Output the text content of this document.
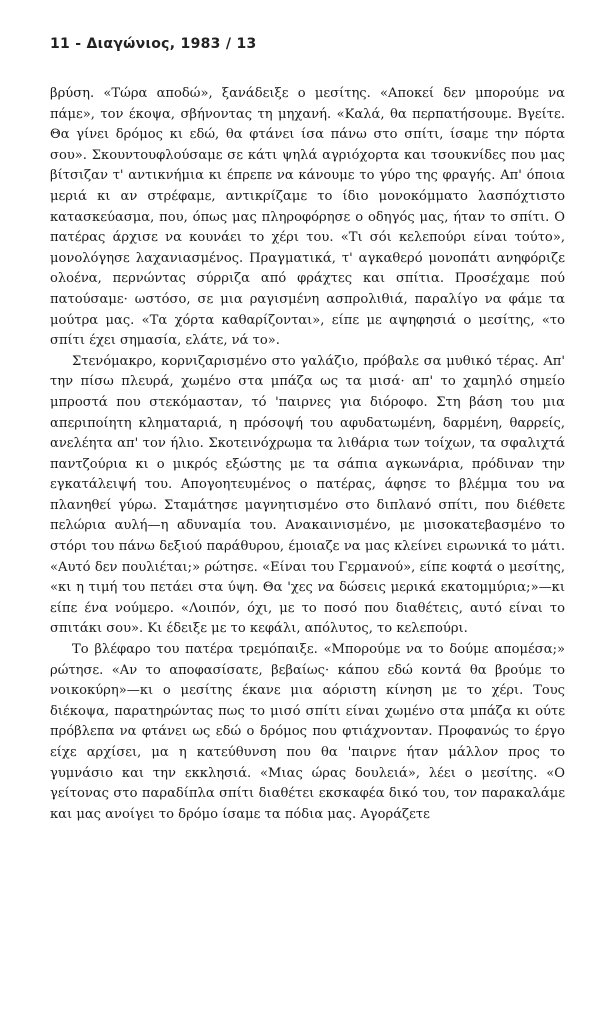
11 - Διαγώνιος, 1983 / 13

βρύση. «Τώρα αποδώ», ξανάδειξε ο μεσίτης. «Αποκεί δεν μπορούμε να πάμε», τον έκοψα, σβήνοντας τη μηχανή. «Καλά, θα περπατήσουμε. Βγείτε. Θα γίνει δρόμος κι εδώ, θα φτάνει ίσα πάνω στο σπίτι, ίσαμε την πόρτα σου». Σκουντουφλούσαμε σε κάτι ψηλά αγριόχορτα και τσουκνίδες που μας βίτσιζαν τ' αντικνήμια κι έπρεπε να κάνουμε το γύρο της φραγής. Απ' όποια μεριά κι αν στρέφαμε, αντικρίζαμε το ίδιο μονοκόμματο λασπόχτιστο κατασκεύασμα, που, όπως μας πληροφόρησε ο οδηγός μας, ήταν το σπίτι. Ο πατέρας άρχισε να κουνάει το χέρι του. «Τι σόι κελεπούρι είναι τούτο», μονολόγησε λαχανιασμένος. Πραγματικά, τ' αγκαθερό μονοπάτι ανηφόριζε ολοένα, περνώντας σύρριζα από φράχτες και σπίτια. Προσέχαμε πού πατούσαμε· ωστόσο, σε μια ραγισμένη ασπρολιθιά, παραλίγο να φάμε τα μούτρα μας. «Τα χόρτα καθαρίζονται», είπε με αψηφησιά ο μεσίτης, «το σπίτι έχει σημασία, ελάτε, νά το».

Στενόμακρο, κορνιζαρισμένο στο γαλάζιο, πρόβαλε σα μυθικό τέρας. Απ' την πίσω πλευρά, χωμένο στα μπάζα ως τα μισά· απ' το χαμηλό σημείο μπροστά που στεκόμασταν, τό 'παιρνες για διόροφο. Στη βάση του μια απεριποίητη κληματαριά, η πρόσοψή του αφυδατωμένη, δαρμένη, θαρρείς, ανελέητα απ' τον ήλιο. Σκοτεινόχρωμα τα λιθάρια των τοίχων, τα σφαλιχτά παντζούρια κι ο μικρός εξώστης με τα σάπια αγκωνάρια, πρόδιναν την εγκατάλειψή του. Απογοητευμένος ο πατέρας, άφησε το βλέμμα του να πλανηθεί γύρω. Σταμάτησε μαγνητισμένο στο διπλανό σπίτι, που διέθετε πελώρια αυλή—η αδυναμία του. Ανακαινισμένο, με μισοκατεβασμένο το στόρι του πάνω δεξιού παράθυρου, έμοιαζε να μας κλείνει ειρωνικά το μάτι. «Αυτό δεν πουλιέται;» ρώτησε. «Είναι του Γερμανού», είπε κοφτά ο μεσίτης, «κι η τιμή του πετάει στα ύψη. Θα 'χες να δώσεις μερικά εκατομμύρια;»—κι είπε ένα νούμερο. «Λοιπόν, όχι, με το ποσό που διαθέτεις, αυτό είναι το σπιτάκι σου». Κι έδειξε με το κεφάλι, απόλυτος, το κελεπούρι.

Το βλέφαρο του πατέρα τρεμόπαιξε. «Μπορούμε να το δούμε απομέσα;» ρώτησε. «Αν το αποφασίσατε, βεβαίως· κάπου εδώ κοντά θα βρούμε το νοικοκύρη»—κι ο μεσίτης έκανε μια αόριστη κίνηση με το χέρι. Τους διέκοψα, παρατηρώντας πως το μισό σπίτι είναι χωμένο στα μπάζα κι ούτε πρόβλεπα να φτάνει ως εδώ ο δρόμος που φτιάχνονταν. Προφανώς το έργο είχε αρχίσει, μα η κατεύθυνση που θα 'παιρνε ήταν μάλλον προς το γυμνάσιο και την εκκλησιά. «Μιας ώρας δουλειά», λέει ο μεσίτης. «Ο γείτονας στο παραδίπλα σπίτι διαθέτει εκσκαφέα δικό του, τον παρακαλάμε και μας ανοίγει το δρόμο ίσαμε τα πόδια μας. Αγοράζετε
